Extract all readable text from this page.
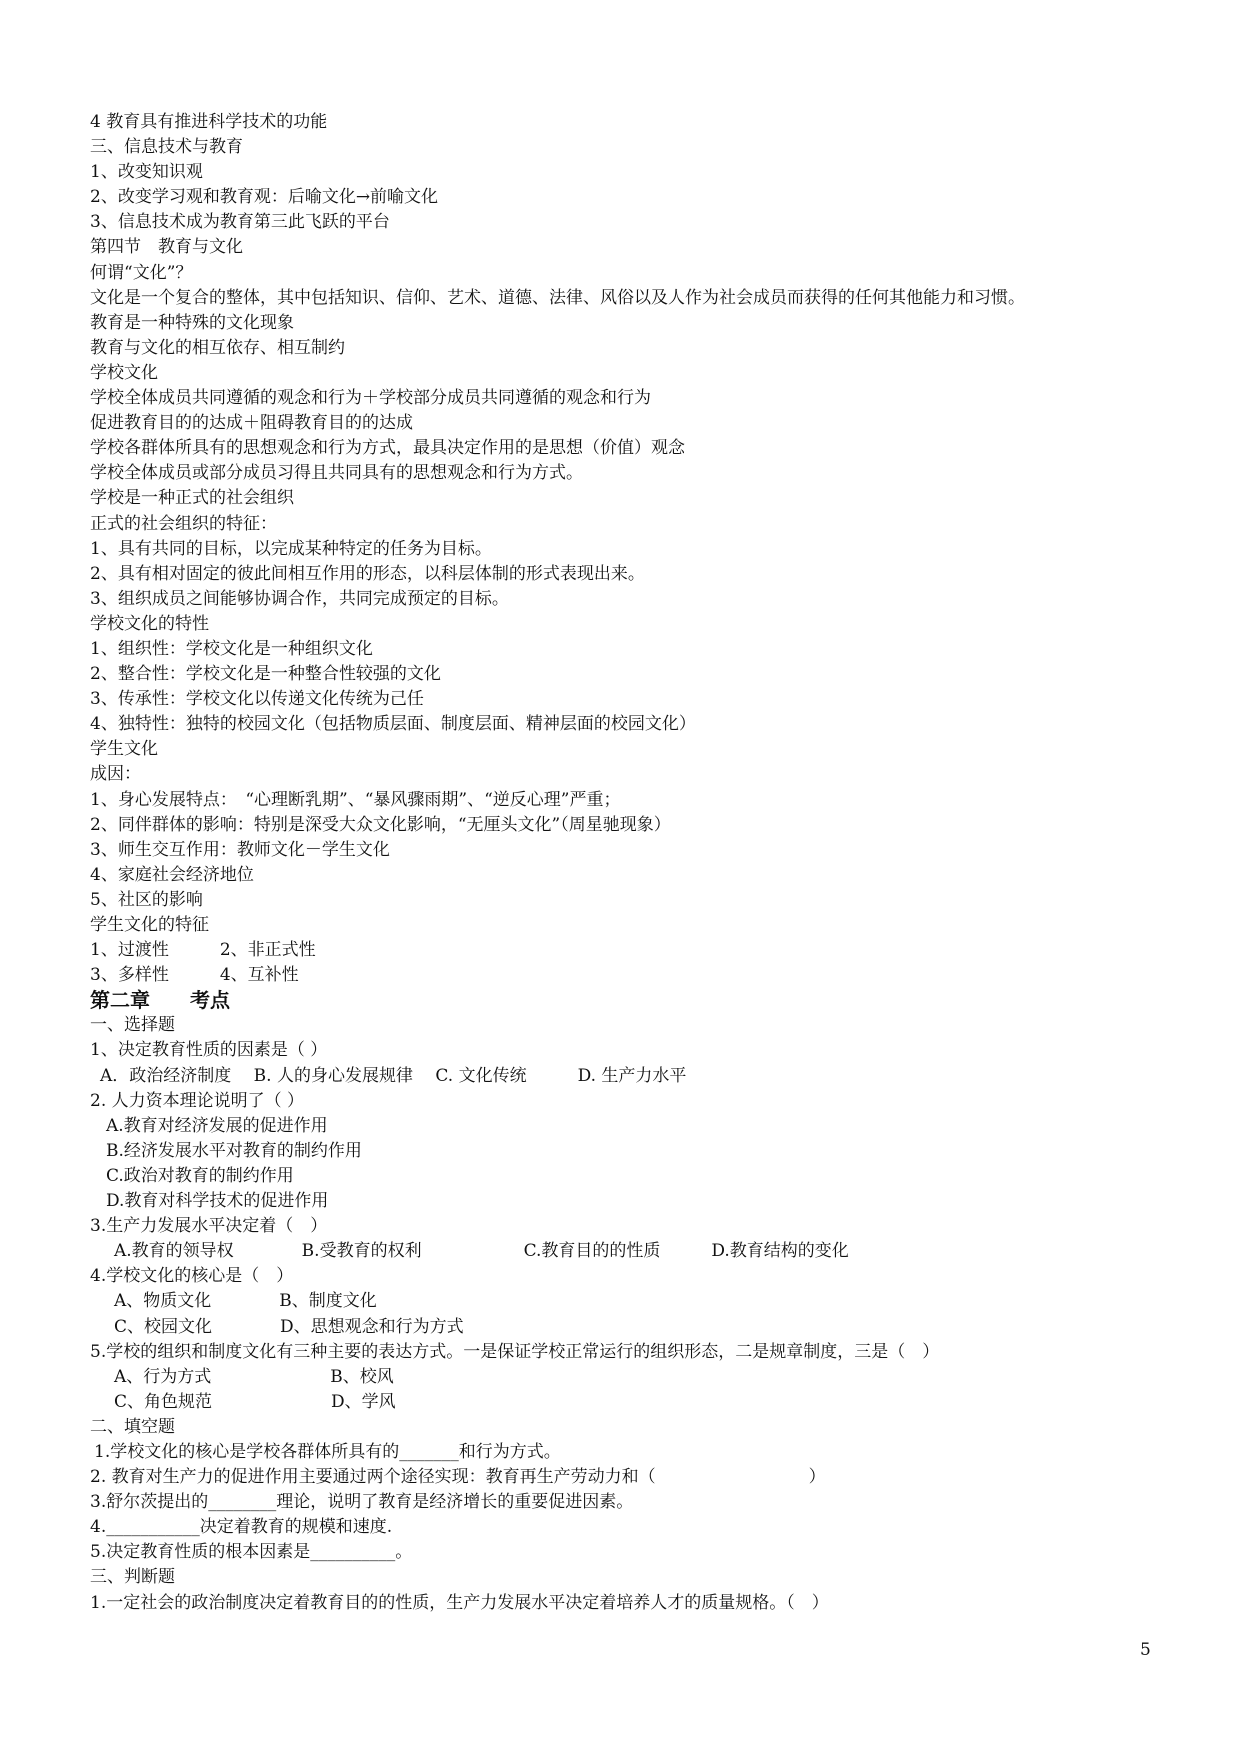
4 教育具有推进科学技术的功能
三、信息技术与教育
1、改变知识观
2、改变学习观和教育观：后喻文化→前喻文化
3、信息技术成为教育第三此飞跃的平台
第四节　教育与文化
何谓“文化”？
文化是一个复合的整体，其中包括知识、信仰、艺术、道德、法律、风俗以及人作为社会成员而获得的任何其他能力和习惯。
教育是一种特殊的文化现象
教育与文化的相互依存、相互制约
学校文化
学校全体成员共同遵循的观念和行为＋学校部分成员共同遵循的观念和行为
促进教育目的的达成＋阻碍教育目的的达成
学校各群体所具有的思想观念和行为方式，最具决定作用的是思想（价值）观念
学校全体成员或部分成员习得且共同具有的思想观念和行为方式。
学校是一种正式的社会组织
正式的社会组织的特征：
1、具有共同的目标，以完成某种特定的任务为目标。
2、具有相对固定的彼此间相互作用的形态，以科层体制的形式表现出来。
3、组织成员之间能够协调合作，共同完成预定的目标。
学校文化的特性
1、组织性：学校文化是一种组织文化
2、整合性：学校文化是一种整合性较强的文化
3、传承性：学校文化以传递文化传统为己任
4、独特性：独特的校园文化（包括物质层面、制度层面、精神层面的校园文化）
学生文化
成因：
1、身心发展特点：　“心理断乳期”、“暴风骤雨期”、“逆反心理”严重；
2、同伴群体的影响：特别是深受大众文化影响，“无厘头文化”（周星驰现象）
3、师生交互作用：教师文化－学生文化
4、家庭社会经济地位
5、社区的影响
学生文化的特征
1、过渡性　　　2、非正式性
3、多样性　　　4、互补性
第二章　　考点
一、选择题
1、决定教育性质的因素是（ ）
A．政治经济制度　 B. 人的身心发展规律　 C. 文化传统　　　D. 生产力水平
2. 人力资本理论说明了（ ）
A.教育对经济发展的促进作用
B.经济发展水平对教育的制约作用
C.政治对教育的制约作用
D.教育对科学技术的促进作用
3.生产力发展水平决定着（　）
A.教育的领导权　　　　B.受教育的权利　　　　　　C.教育目的的性质　　　D.教育结构的变化
4.学校文化的核心是（　）
A、物质文化　　　　B、制度文化
C、校园文化　　　　D、思想观念和行为方式
5.学校的组织和制度文化有三种主要的表达方式。一是保证学校正常运行的组织形态，二是规章制度，三是（　）
A、行为方式　　　　　　　B、校风
C、角色规范　　　　　　　D、学风
二、填空题
1.学校文化的核心是学校各群体所具有的_______和行为方式。
2. 教育对生产力的促进作用主要通过两个途径实现：教育再生产劳动力和（　　　　　　　　　）
3.舒尔茨提出的________理论，说明了教育是经济增长的重要促进因素。
4.___________决定着教育的规模和速度.
5.决定教育性质的根本因素是__________。
三、判断题
1.一定社会的政治制度决定着教育目的的性质，生产力发展水平决定着培养人才的质量规格。（　）
5
